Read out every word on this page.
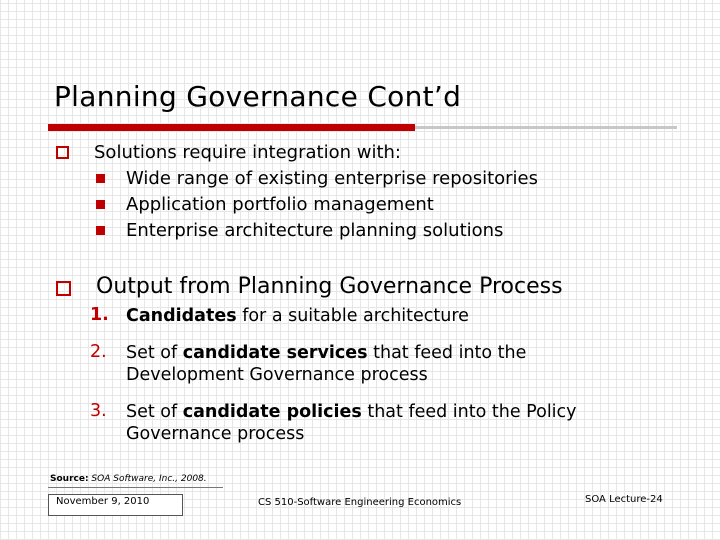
Planning Governance Cont’d
Solutions require integration with:
Wide range of existing enterprise repositories
Application portfolio management
Enterprise architecture planning solutions
Output from Planning Governance Process
1. Candidates for a suitable architecture
2. Set of candidate services that feed into the
Development Governance process
3. Set of candidate policies that feed into the Policy
Governance process
Source: SOA Software, Inc., 2008.
November 9, 2010	CS 510-Software Engineering Economics	SOA Lecture-24
